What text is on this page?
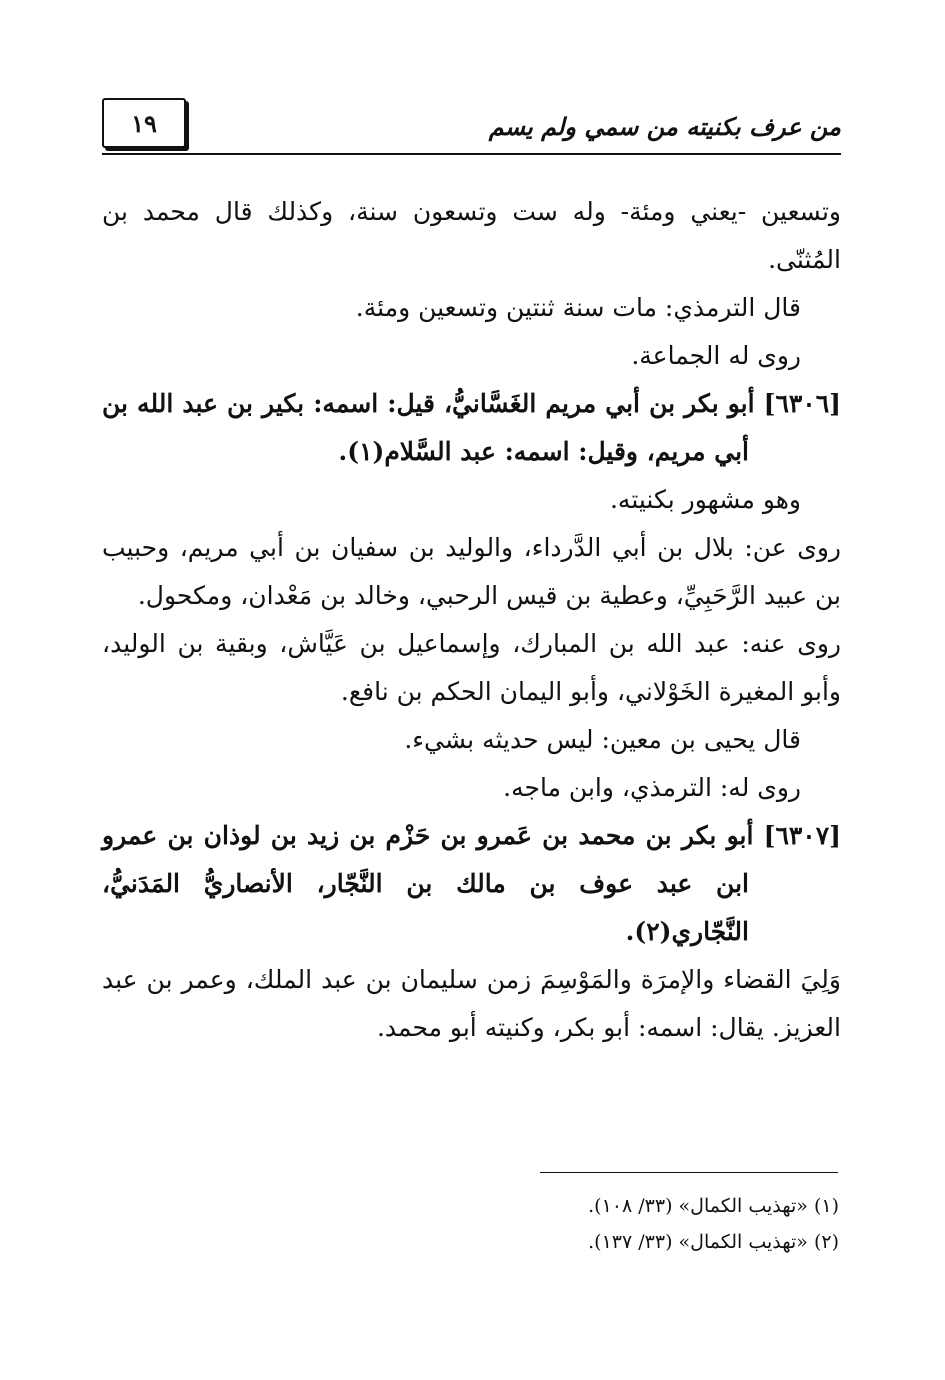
١٩	من عرف بكنيته من سمي ولم يسم

وتسعين -يعني ومئة- وله ست وتسعون سنة، وكذلك قال محمد بن المُثنّى.

قال الترمذي: مات سنة ثنتين وتسعين ومئة.

روى له الجماعة.

[٦٣٠٦] أبو بكر بن أبي مريم الغَسَّانيُّ، قيل: اسمه: بكير بن عبد الله بن أبي مريم، وقيل: اسمه: عبد السَّلام(١).

وهو مشهور بكنيته.

روى عن: بلال بن أبي الدَّرداء، والوليد بن سفيان بن أبي مريم، وحبيب بن عبيد الرَّحَبِيِّ، وعطية بن قيس الرحبي، وخالد بن مَعْدان، ومكحول.

روى عنه: عبد الله بن المبارك، وإسماعيل بن عَيَّاش، وبقية بن الوليد، وأبو المغيرة الخَوْلاني، وأبو اليمان الحكم بن نافع.

قال يحيى بن معين: ليس حديثه بشيء.

روى له: الترمذي، وابن ماجه.

[٦٣٠٧] أبو بكر بن محمد بن عَمرو بن حَزْم بن زيد بن لوذان بن عمرو ابن عبد عوف بن مالك بن النَّجّار، الأنصاريُّ المَدَنيُّ، النَّجّاري(٢).

وَلِيَ القضاء والإمرَة والمَوْسِمَ زمن سليمان بن عبد الملك، وعمر بن عبد العزيز. يقال: اسمه: أبو بكر، وكنيته أبو محمد.

(١) «تهذيب الكمال» (٣٣/ ١٠٨).

(٢) «تهذيب الكمال» (٣٣/ ١٣٧).
